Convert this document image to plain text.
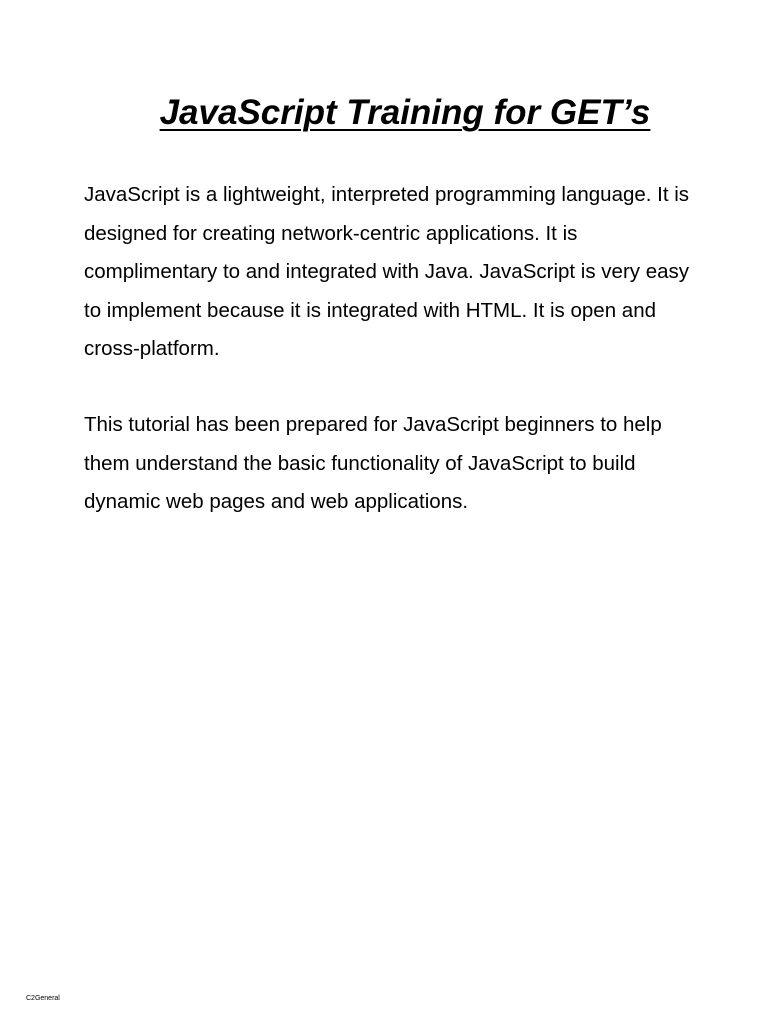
JavaScript Training for GET’s

JavaScript is a lightweight, interpreted programming language. It is designed for creating network-centric applications. It is complimentary to and integrated with Java. JavaScript is very easy to implement because it is integrated with HTML. It is open and cross-platform.

This tutorial has been prepared for JavaScript beginners to help them understand the basic functionality of JavaScript to build dynamic web pages and web applications.

C2General
